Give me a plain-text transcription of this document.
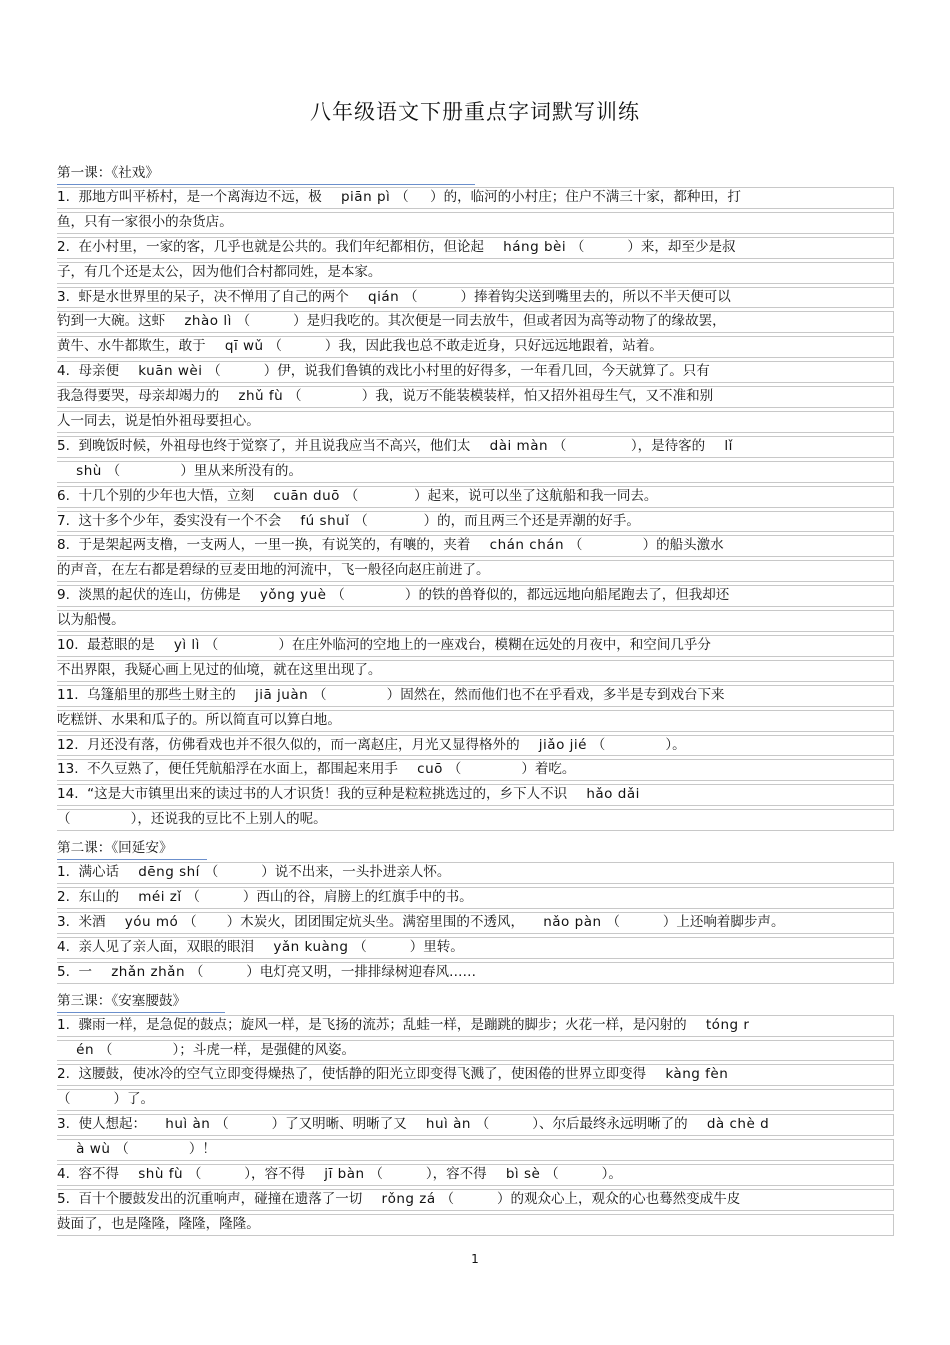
八年级语文下册重点字词默写训练
第一课：《社戏》
1.  那地方叫平桥村，是一个离海边不远，极    piān pì （     ）的，临河的小村庄；住户不满三十家，都种田，打
鱼，只有一家很小的杂货店。
2.  在小村里，一家的客，几乎也就是公共的。我们年纪都相仿，但论起    háng bèi （          ）来，却至少是叔
子，有几个还是太公，因为他们合村都同姓，是本家。
3.  虾是水世界里的呆子，决不惮用了自己的两个    qián （          ）捧着钩尖送到嘴里去的，所以不半天便可以
钓到一大碗。这虾    zhào lì （          ）是归我吃的。其次便是一同去放牛，但或者因为高等动物了的缘故罢，
黄牛、水牛都欺生，敢于    qī wǔ （          ）我，因此我也总不敢走近身，只好远远地跟着，站着。
4.  母亲便    kuān wèi （          ）伊，说我们鲁镇的戏比小村里的好得多，一年看几回，今天就算了。只有
我急得要哭，母亲却竭力的    zhǔ fù （              ）我，说万不能装模装样，怕又招外祖母生气，又不准和别
人一同去，说是怕外祖母要担心。
5.  到晚饭时候，外祖母也终于觉察了，并且说我应当不高兴，他们太    dài màn （               ），是待客的    lǐ
shù （              ）里从来所没有的。
6.  十几个别的少年也大悟，立刻    cuān duō （             ）起来，说可以坐了这航船和我一同去。
7.  这十多个少年，委实没有一个不会    fú shuǐ （             ）的，而且两三个还是弄潮的好手。
8.  于是架起两支橹，一支两人，一里一换，有说笑的，有嚷的，夹着    chán chán （              ）的船头激水
的声音，在左右都是碧绿的豆麦田地的河流中，飞一般径向赵庄前进了。
9.  淡黑的起伏的连山，仿佛是    yǒng yuè （              ）的铁的兽脊似的，都远远地向船尾跑去了，但我却还
以为船慢。
10.  最惹眼的是    yì lì （              ）在庄外临河的空地上的一座戏台，模糊在远处的月夜中，和空间几乎分
不出界限，我疑心画上见过的仙境，就在这里出现了。
11.  乌篷船里的那些土财主的    jiā juàn （              ）固然在，然而他们也不在乎看戏，多半是专到戏台下来
吃糕饼、水果和瓜子的。所以简直可以算白地。
12.  月还没有落，仿佛看戏也并不很久似的，而一离赵庄，月光又显得格外的    jiǎo jié （              ）。
13.  不久豆熟了，便任凭航船浮在水面上，都围起来用手    cuō （              ）着吃。
14.  “这是大市镇里出来的读过书的人才识货！我的豆种是粒粒挑选过的，乡下人不识    hǎo dǎi
（              ），还说我的豆比不上别人的呢。
第二课：《回延安》
1.  满心话    dēng shí （          ）说不出来，一头扑进亲人怀。
2.  东山的    méi zǐ （          ）西山的谷，肩膀上的红旗手中的书。
3.  米酒    yóu mó （       ）木炭火，团团围定炕头坐。满窑里围的不透风，    nǎo pàn （          ）上还响着脚步声。
4.  亲人见了亲人面，双眼的眼泪    yǎn kuàng （          ）里转。
5.  一    zhǎn zhǎn （          ）电灯亮又明，一排排绿树迎春风……
第三课：《安塞腰鼓》
1.  骤雨一样，是急促的鼓点；旋风一样，是飞扬的流苏；乱蛙一样，是蹦跳的脚步；火花一样，是闪射的    tóng r
én （              ）；斗虎一样，是强健的风姿。
2.  这腰鼓，使冰冷的空气立即变得燥热了，使恬静的阳光立即变得飞溅了，使困倦的世界立即变得    kàng fèn
（          ）了。
3.  使人想起：    huì àn （          ）了又明晰、明晰了又    huì àn （          ）、尔后最终永远明晰了的    dà chè d
à wù （              ）！
4.  容不得    shù fù （          ），容不得    jī bàn （          ），容不得    bì sè （          ）。
5.  百十个腰鼓发出的沉重响声，碰撞在遗落了一切    rǒng zá （          ）的观众心上，观众的心也蓦然变成牛皮
鼓面了，也是隆隆，隆隆，隆隆。
1
